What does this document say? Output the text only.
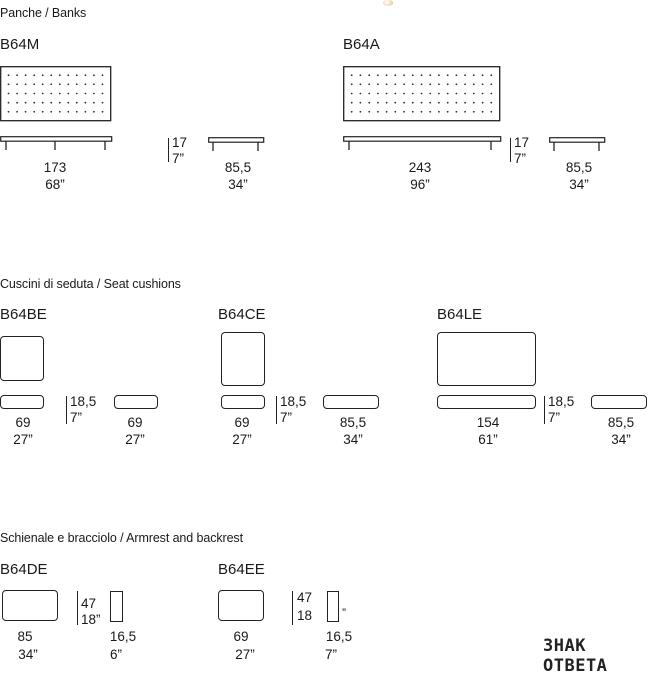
Panche / Banks
B64M
173
68”
17
7”
85,5
34”
B64A
243
96”
17
7”
85,5
34”
Cuscini di seduta / Seat cushions
B64BE
69
27”
18,5
7”	69
27”
B64CE
69
27”
18,5
7”	85,5
34”
B64LE
154
61”
18,5
7”	85,5
34”
Schienale e bracciolo / Armrest and backrest
B64DE
85
34”
47
18”
16,5
6”
B64EE
69
27”
47
18 ”
16,5
7”	ЗНАК ОТВЕТА
